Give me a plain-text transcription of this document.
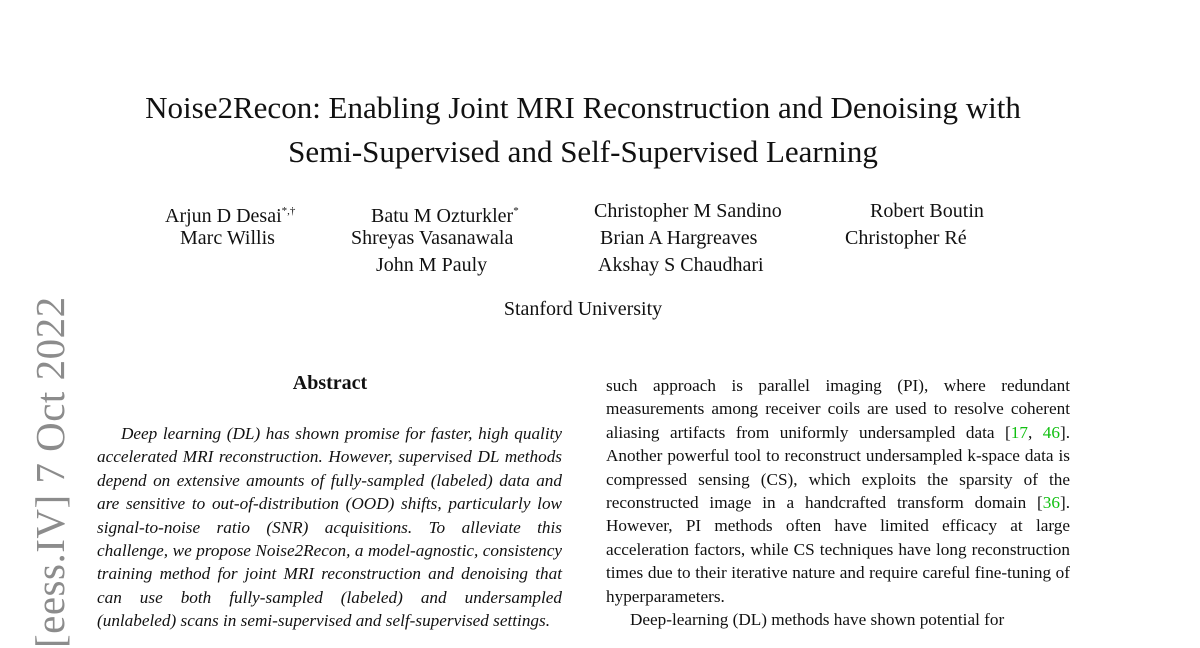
[eess.IV] 7 Oct 2022
Noise2Recon: Enabling Joint MRI Reconstruction and Denoising with
Semi-Supervised and Self-Supervised Learning
Arjun D Desai*,†	Batu M Ozturkler*	Christopher M Sandino	Robert Boutin
Marc Willis	Shreyas Vasanawala	Brian A Hargreaves	Christopher Ré
John M Pauly	Akshay S Chaudhari
Stanford University
Abstract

Deep learning (DL) has shown promise for faster, high quality accelerated MRI reconstruction. However, supervised DL methods depend on extensive amounts of fully-sampled (labeled) data and are sensitive to out-of-distribution (OOD) shifts, particularly low signal-to-noise ratio (SNR) acquisitions. To alleviate this challenge, we propose Noise2Recon, a model-agnostic, consistency training method for joint MRI reconstruction and denoising that can use both fully-sampled (labeled) and undersampled (unlabeled) scans in semi-supervised and self-supervised settings.

such approach is parallel imaging (PI), where redundant measurements among receiver coils are used to resolve coherent aliasing artifacts from uniformly undersampled data [17, 46]. Another powerful tool to reconstruct undersampled k-space data is compressed sensing (CS), which exploits the sparsity of the reconstructed image in a handcrafted transform domain [36]. However, PI methods often have limited efficacy at large acceleration factors, while CS techniques have long reconstruction times due to their iterative nature and require careful fine-tuning of hyperparameters.

Deep-learning (DL) methods have shown potential for
